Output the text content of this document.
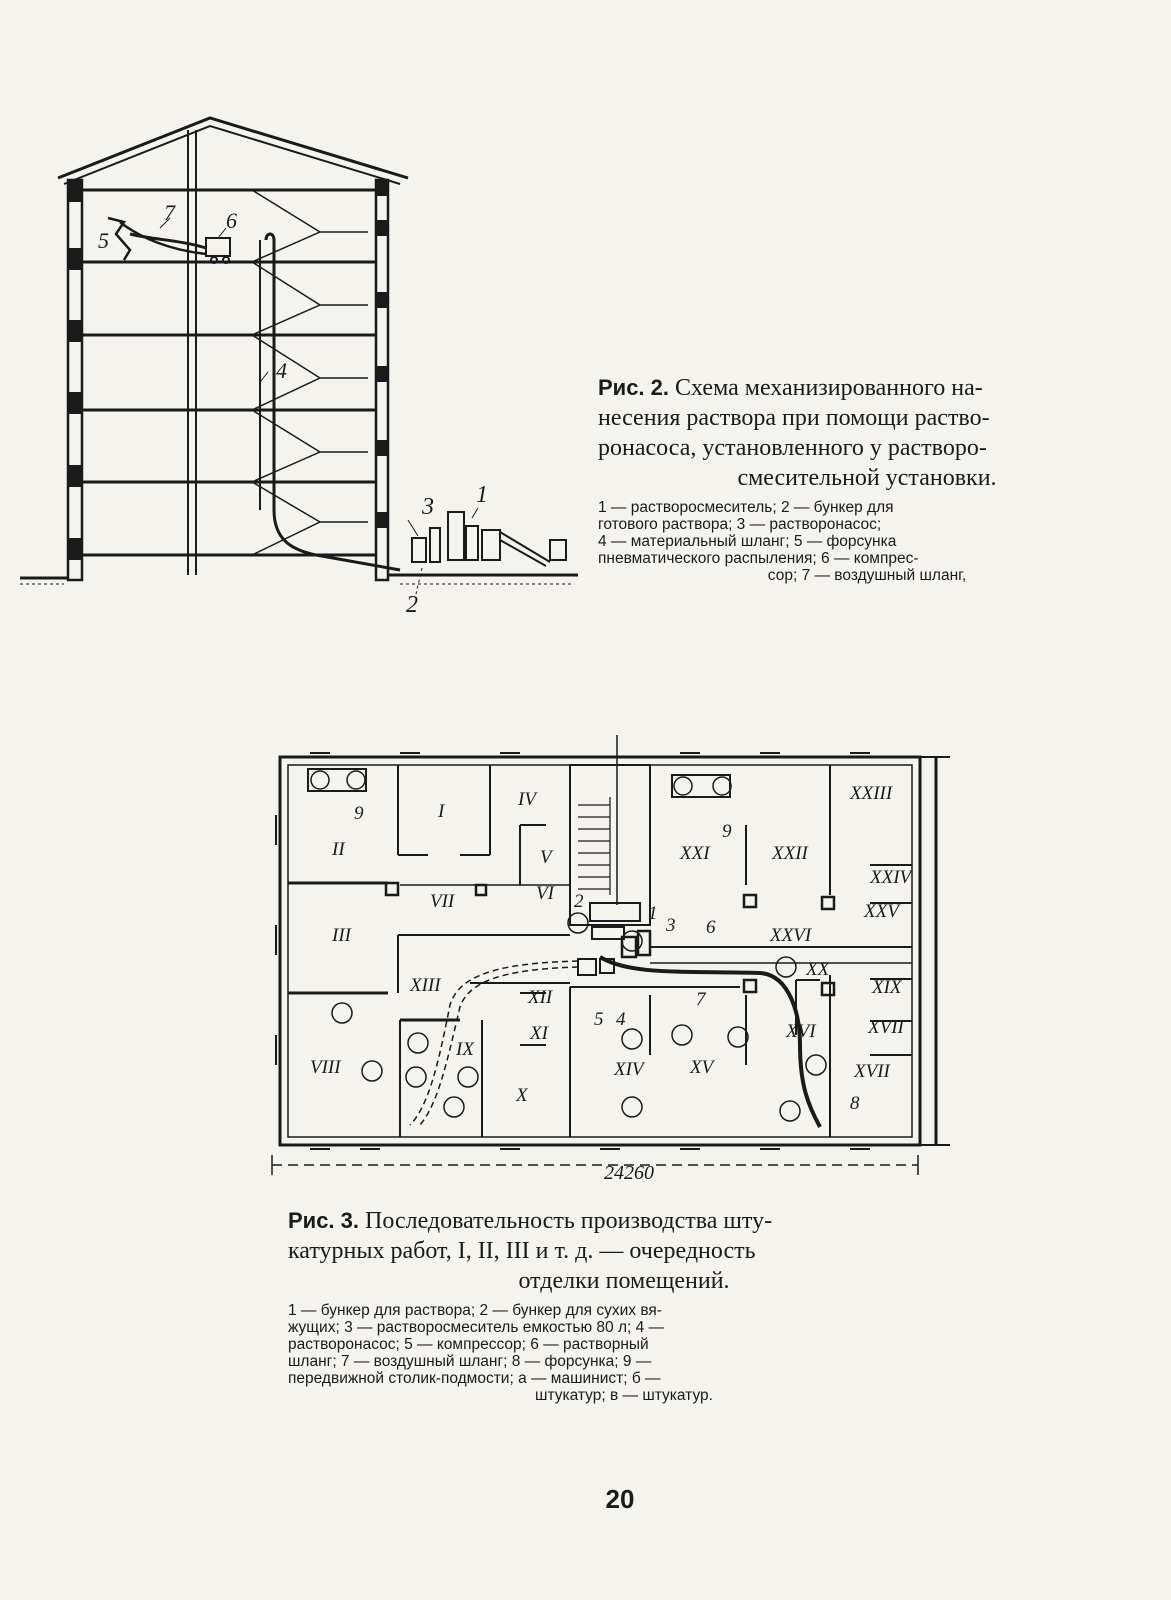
4
5
6
7
3 1
2
Рис. 2. Схема механизированного на-
несения раствора при помощи раство-
ронасоса, установленного у растворо-
смесительной установки.
1 — растворосмеситель; 2 — бункер для
готового раствора; 3 — растворонасос;
4 — материальный шланг; 5 — форсунка
пневматического распыления; 6 — компрес-
сор; 7 — воздушный шланг,
II
I
IV
V
VI
VII
III
XIII
XII
XI
VIII
IX
X
XXI	XXII
XXIII
XXIV
XXV
XXVI
XX
XIX
XVI	XVII
XVII
XIV XV
9
9
2
1
3 6
7
5 4
8
24260
Рис. 3. Последовательность производства шту-
катурных работ, I, II, III и т. д. — очередность
отделки помещений.
1 — бункер для раствора; 2 — бункер для сухих вя-
жущих; 3 — растворосмеситель емкостью 80 л; 4 —
растворонасос; 5 — компрессор; 6 — растворный
шланг; 7 — воздушный шланг; 8 — форсунка; 9 —
передвижной столик-подмости; а — машинист; б —
штукатур; в — штукатур.
20
